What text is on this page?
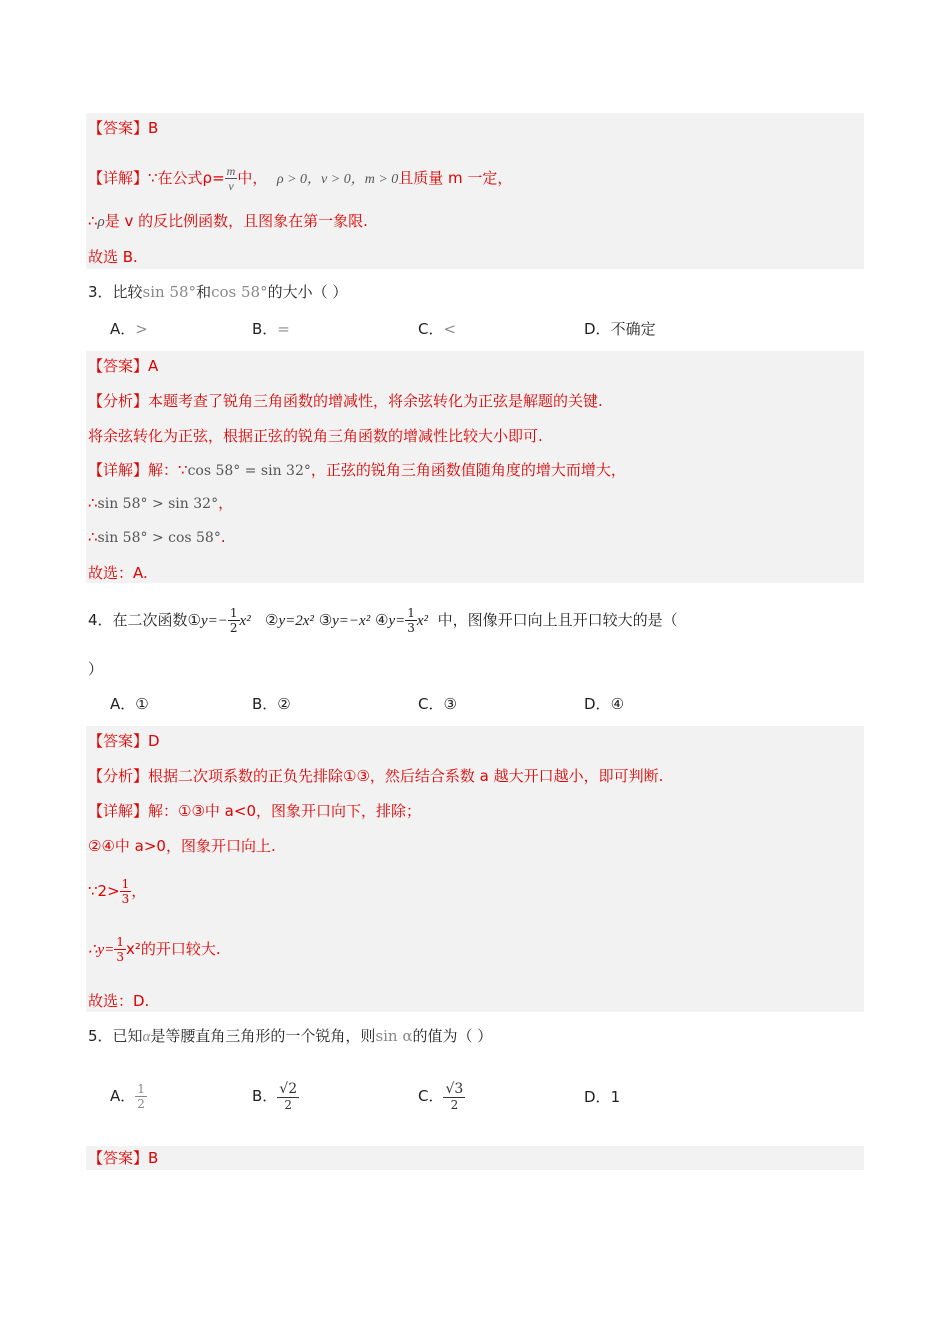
【答案】B
【详解】∵在公式$\rho= \frac{m}{v}$ 中， ρ > 0，v > 0，m > 0且质量 m 一定，
∴ρ是 v 的反比例函数，且图象在第一象限.
故选 B.
3．比较sin 58°和cos 58°的大小（ ）
A．>	B．=	C．<	D．不确定
【答案】A
【分析】本题考查了锐角三角函数的增减性，将余弦转化为正弦是解题的关键.
将余弦转化为正弦，根据正弦的锐角三角函数的增减性比较大小即可.
【详解】解：∵cos 58° = sin 32°，正弦的锐角三角函数值随角度的增大而增大，
∴sin 58° > sin 32°，
∴sin 58° > cos 58°.
故选：A.
4．在二次函数①y=− $\frac{1}{2} x^2$ ②y=2x² ③y=−x² ④y= $\frac{1}{3} x^2$ 中，图像开口向上且开口较大的是（
）
A．①	B．②	C．③	D．④
【答案】D
【分析】根据二次项系数的正负先排除①③，然后结合系数 a 越大开口越小，即可判断.
【详解】解：①③中 a<0，图象开口向下，排除；
②④中 a>0，图象开口向上.
∵2> $\frac{1}{3}$ ，
∴y= $\frac{1}{3} x^2$的开口较大.
故选：D.
5．已知α是等腰直角三角形的一个锐角，则sin α的值为（ ）
A． $\frac{1}{2}$	B． $\frac{√2}{2}$	C． $\frac{√3}{2}$	D．1
【答案】B
